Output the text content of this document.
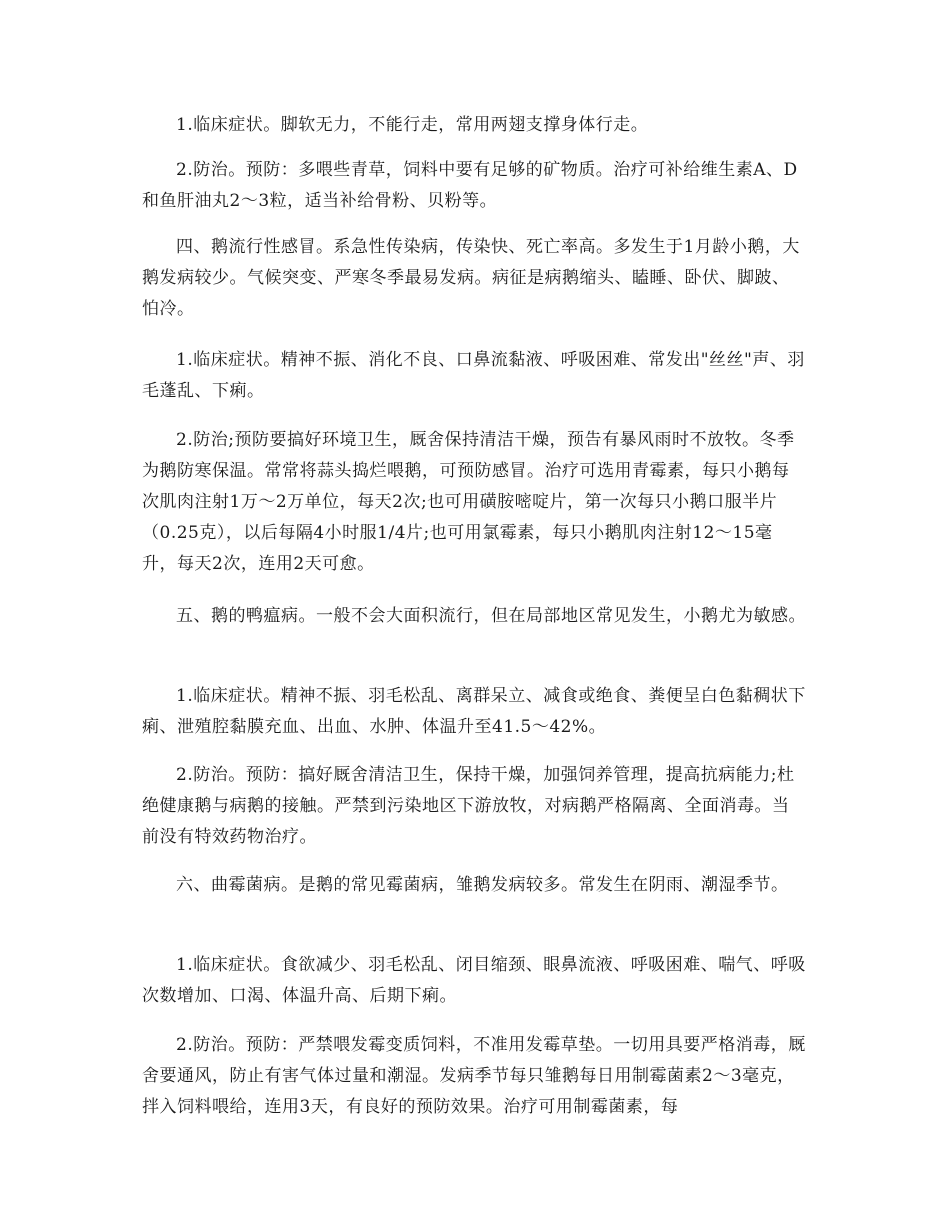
1.临床症状。脚软无力，不能行走，常用两翅支撑身体行走。

2.防治。预防：多喂些青草，饲料中要有足够的矿物质。治疗可补给维生素A、D和鱼肝油丸2～3粒，适当补给骨粉、贝粉等。

四、鹅流行性感冒。系急性传染病，传染快、死亡率高。多发生于1月龄小鹅，大鹅发病较少。气候突变、严寒冬季最易发病。病征是病鹅缩头、瞌睡、卧伏、脚跛、怕冷。

1.临床症状。精神不振、消化不良、口鼻流黏液、呼吸困难、常发出"丝丝"声、羽毛蓬乱、下痢。

2.防治;预防要搞好环境卫生，厩舍保持清洁干燥，预告有暴风雨时不放牧。冬季为鹅防寒保温。常常将蒜头捣烂喂鹅，可预防感冒。治疗可选用青霉素，每只小鹅每次肌肉注射1万～2万单位，每天2次;也可用磺胺嘧啶片，第一次每只小鹅口服半片（0.25克），以后每隔4小时服1/4片;也可用氯霉素，每只小鹅肌肉注射12～15毫升，每天2次，连用2天可愈。

五、鹅的鸭瘟病。一般不会大面积流行，但在局部地区常见发生，小鹅尤为敏感。

1.临床症状。精神不振、羽毛松乱、离群呆立、减食或绝食、粪便呈白色黏稠状下痢、泄殖腔黏膜充血、出血、水肿、体温升至41.5～42%。

2.防治。预防：搞好厩舍清洁卫生，保持干燥，加强饲养管理，提高抗病能力;杜绝健康鹅与病鹅的接触。严禁到污染地区下游放牧，对病鹅严格隔离、全面消毒。当前没有特效药物治疗。

六、曲霉菌病。是鹅的常见霉菌病，雏鹅发病较多。常发生在阴雨、潮湿季节。

1.临床症状。食欲减少、羽毛松乱、闭目缩颈、眼鼻流液、呼吸困难、喘气、呼吸次数增加、口渴、体温升高、后期下痢。

2.防治。预防：严禁喂发霉变质饲料，不准用发霉草垫。一切用具要严格消毒，厩舍要通风，防止有害气体过量和潮湿。发病季节每只雏鹅每日用制霉菌素2～3毫克，拌入饲料喂给，连用3天，有良好的预防效果。治疗可用制霉菌素，每
